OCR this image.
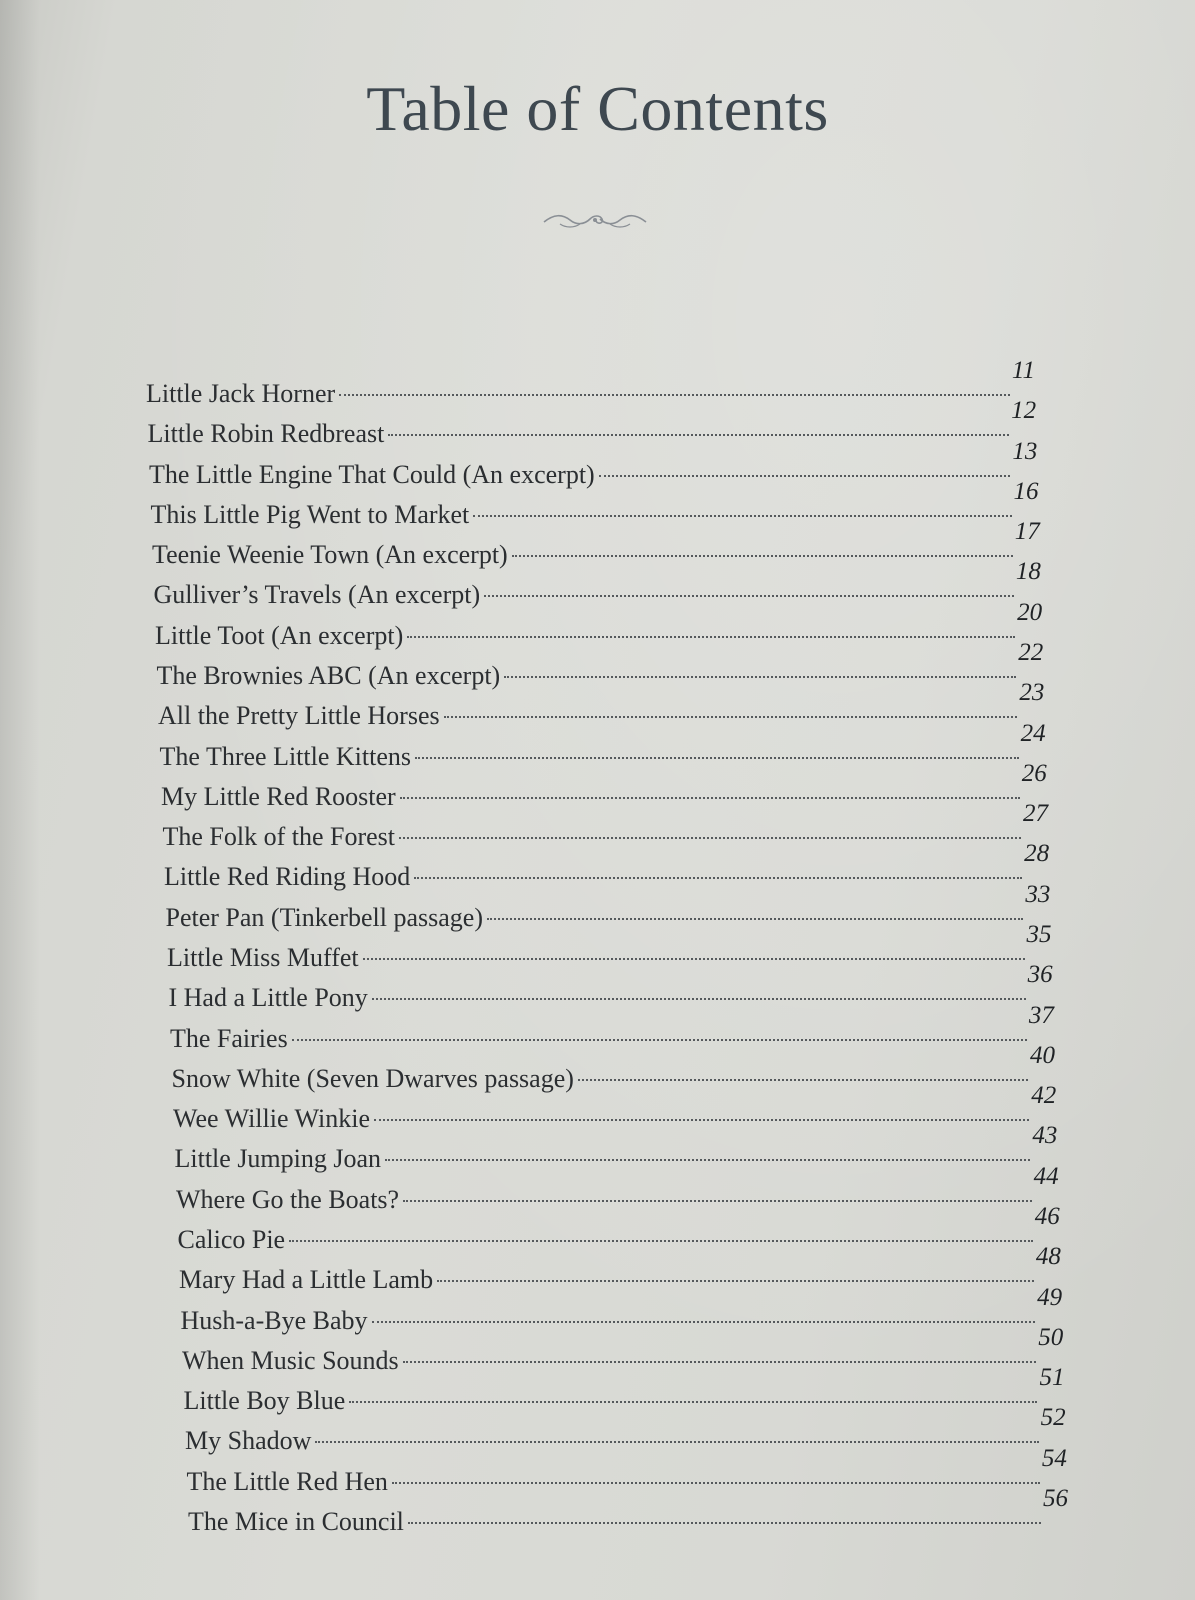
Table of Contents
Little Jack Horner
11
Little Robin Redbreast
12
The Little Engine That Could (An excerpt)
13
This Little Pig Went to Market
16
Teenie Weenie Town (An excerpt)
17
Gulliver’s Travels (An excerpt)
18
Little Toot (An excerpt)
20
The Brownies ABC (An excerpt)
22
All the Pretty Little Horses
23
The Three Little Kittens
24
My Little Red Rooster
26
The Folk of the Forest
27
Little Red Riding Hood
28
Peter Pan (Tinkerbell passage)
33
Little Miss Muffet
35
I Had a Little Pony
36
The Fairies
37
Snow White (Seven Dwarves passage)
40
Wee Willie Winkie
42
Little Jumping Joan
43
Where Go the Boats?
44
Calico Pie
46
Mary Had a Little Lamb
48
Hush-a-Bye Baby
49
When Music Sounds
50
Little Boy Blue
51
My Shadow
52
The Little Red Hen
54
The Mice in Council
56
